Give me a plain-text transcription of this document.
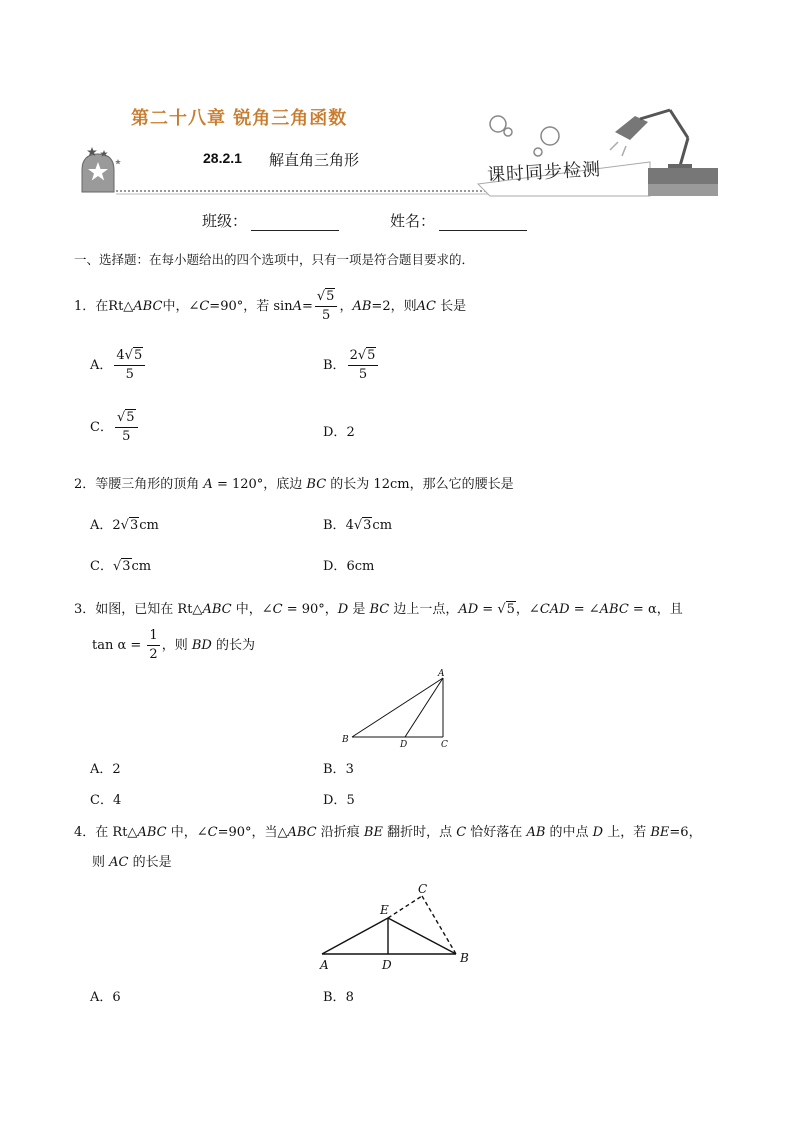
第二十八章 锐角三角函数
28.2.1 解直角三角形	课时同步检测
班级：	姓名：
一、选择题：在每小题给出的四个选项中，只有一项是符合题目要求的．
1．在Rt△ABC中，∠C=90°，若 $\sin A= \frac{√5}{5}$ ，AB=2，则AC 长是
A． $\frac{4√5}{5}$	B． $\frac{2√5}{5}$
C． $\frac{√5}{5}$	D．2
2．等腰三角形的顶角 A = 120°，底边 BC 的长为 12cm，那么它的腰长是
A．2√3cm	B．4√3cm
C．√3cm	D．6cm
3．如图，已知在 Rt△ABC 中，∠C = 90°，D 是 BC 边上一点，AD = √5，∠CAD = ∠ABC = α，且
$\tan \alpha = \frac{1}{2}$ ，则 BD 的长为
A
B	C
D
A．2	B．3
C．4	D．5
4．在 Rt△ABC 中，∠C=90°，当△ABC 沿折痕 BE 翻折时，点 C 恰好落在 AB 的中点 D 上，若 BE=6，
则 AC 的长是
A	B
C
D
E
A．6	B．8
